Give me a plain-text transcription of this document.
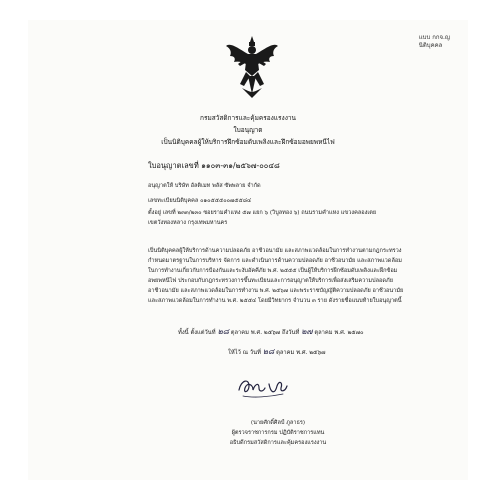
แบบ กกจ.ญ
นิติบุคคล
กรมสวัสดิการและคุ้มครองแรงงาน
ใบอนุญาต
เป็นนิติบุคคลผู้ให้บริการฝึกซ้อมดับเพลิงและฝึกซ้อมอพยพหนีไฟ
ใบอนุญาตเลขที่ ๑๑๐๓-๓๑/๒๕๖๗-๐๐๔๘
อนุญาตให้ บริษัท อัลติเมท พลัส ซัพพลาย จำกัด
เลขทะเบียนนิติบุคคล ๐๑๐๕๕๕๐๐๗๕๕๘๔
ตั้งอยู่ เลขที่ ๒๓๓/๒๓๐ ซอยรามคำแหง ๕๗ แยก ๖ (วิบูลทอง ๖) ถนนรามคำแหง แขวงคลองเตย
เขตวังทองหลาง กรุงเทพมหานคร
เป็นนิติบุคคลผู้ให้บริการด้านความปลอดภัย อาชีวอนามัย และสภาพแวดล้อมในการทำงานตามกฎกระทรวง
กำหนดมาตรฐานในการบริหาร จัดการ และดำเนินการด้านความปลอดภัย อาชีวอนามัย และสภาพแวดล้อม
ในการทำงานเกี่ยวกับการป้องกันและระงับอัคคีภัย พ.ศ. ๒๕๕๕ เป็นผู้ให้บริการฝึกซ้อมดับเพลิงและฝึกซ้อม
อพยพหนีไฟ ประกอบกับกฎกระทรวงการขึ้นทะเบียนและการอนุญาตให้บริการเพื่อส่งเสริมความปลอดภัย
อาชีวอนามัย และสภาพแวดล้อมในการทำงาน พ.ศ. ๒๕๖๗ และพระราชบัญญัติความปลอดภัย อาชีวอนามัย
และสภาพแวดล้อมในการทำงาน พ.ศ. ๒๕๕๔ โดยมีวิทยากร จำนวน ๓ ราย ดังรายชื่อแนบท้ายใบอนุญาตนี้
ทั้งนี้ ตั้งแต่วันที่ ๒๘ ตุลาคม พ.ศ. ๒๕๖๗ ถึงวันที่ ๒๗ ตุลาคม พ.ศ. ๒๕๗๐
ให้ไว้ ณ วันที่ ๒๘ ตุลาคม พ.ศ. ๒๕๖๗
(นายศักดิ์ศิลป์ ภูลาธร)
ผู้ตรวจราชการกรม ปฏิบัติราชการแทน
อธิบดีกรมสวัสดิการและคุ้มครองแรงงาน
